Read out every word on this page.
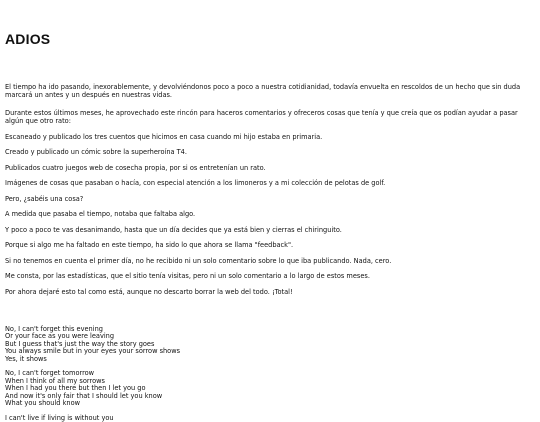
ADIOS

El tiempo ha ido pasando, inexorablemente, y devolviéndonos poco a poco a nuestra cotidianidad, todavía envuelta en rescoldos de un hecho que sin duda marcará un antes y un después en nuestras vidas.

Durante estos últimos meses, he aprovechado este rincón para haceros comentarios y ofreceros cosas que tenía y que creía que os podían ayudar a pasar algún que otro rato:

Escaneado y publicado los tres cuentos que hicimos en casa cuando mi hijo estaba en primaria.

Creado y publicado un cómic sobre la superheroína T4.

Publicados cuatro juegos web de cosecha propia, por si os entretenían un rato.

Imágenes de cosas que pasaban o hacía, con especial atención a los limoneros y a mi colección de pelotas de golf.

Pero, ¿sabéis una cosa?

A medida que pasaba el tiempo, notaba que faltaba algo.

Y poco a poco te vas desanimando, hasta que un día decides que ya está bien y cierras el chiringuito.

Porque si algo me ha faltado en este tiempo, ha sido lo que ahora se llama "feedback".

Si no tenemos en cuenta el primer día, no he recibido ni un solo comentario sobre lo que iba publicando. Nada, cero.

Me consta, por las estadísticas, que el sitio tenía visitas, pero ni un solo comentario a lo largo de estos meses.

Por ahora dejaré esto tal como está, aunque no descarto borrar la web del todo. ¡Total!

No, I can't forget this evening
Or your face as you were leaving
But I guess that's just the way the story goes
You always smile but in your eyes your sorrow shows
Yes, it shows
No, I can't forget tomorrow
When I think of all my sorrows
When I had you there but then I let you go
And now it's only fair that I should let you know
What you should know
I can't live if living is without you
